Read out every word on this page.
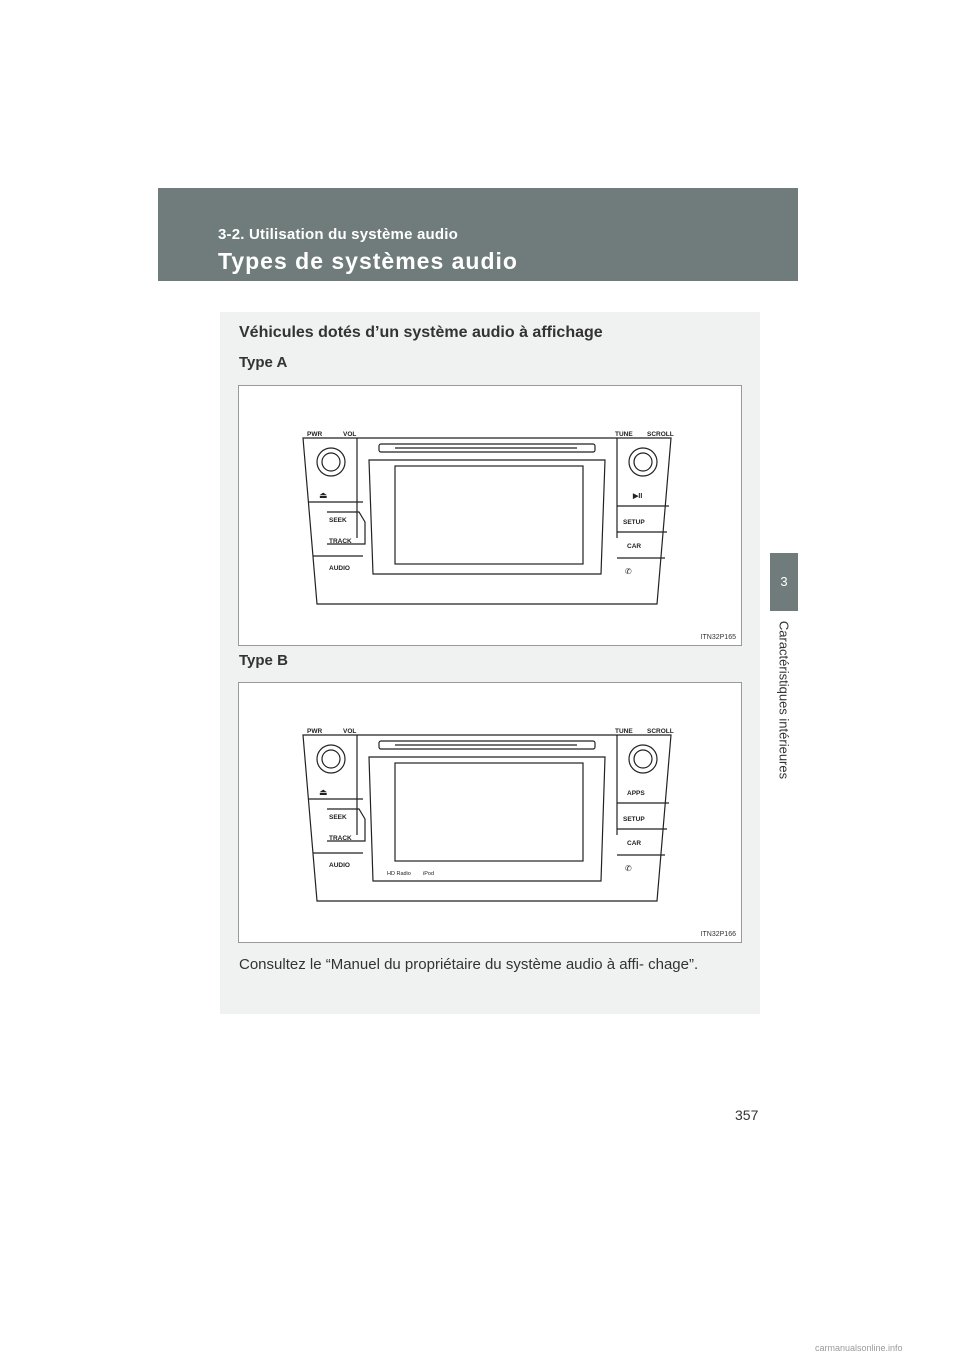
3-2. Utilisation du système audio
Types de systèmes audio
3
Caractéristiques intérieures
Véhicules dotés d’un système audio à affichage
Type A
PWR	VOL
⏏
SEEK
TRACK
AUDIO
TUNE SCROLL
▶II
SETUP
CAR
✆
ITN32P165
Type B
PWR	VOL
⏏
SEEK
TRACK
AUDIO
HD Radio iPod
TUNE SCROLL
APPS
SETUP
CAR
✆
ITN32P166
Consultez le “Manuel du propriétaire du système audio à affi- chage”.
357
carmanualsonline.info
